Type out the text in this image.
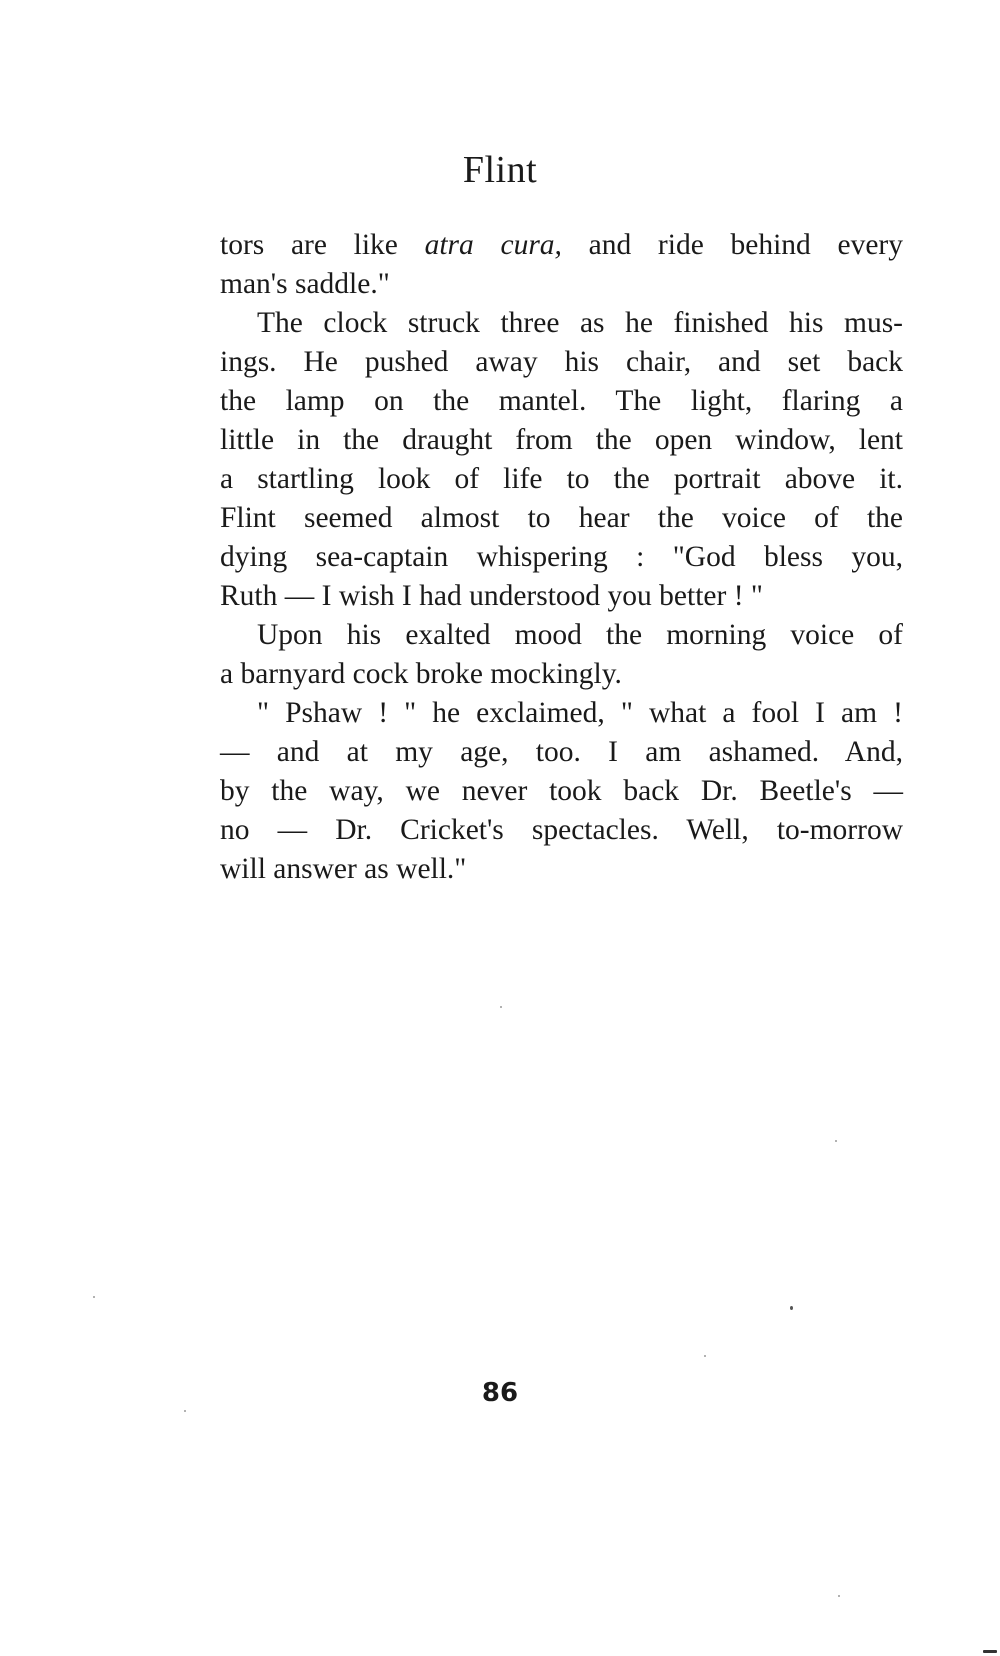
Flint

tors are like atra cura, and ride behind every
man's saddle."

The clock struck three as he finished his mus-
ings. He pushed away his chair, and set back
the lamp on the mantel. The light, flaring a
little in the draught from the open window, lent
a startling look of life to the portrait above it.
Flint seemed almost to hear the voice of the
dying sea-captain whispering : "God bless you,
Ruth — I wish I had understood you better ! "

Upon his exalted mood the morning voice of
a barnyard cock broke mockingly.

" Pshaw ! " he exclaimed, " what a fool I am !
— and at my age, too. I am ashamed. And,
by the way, we never took back Dr. Beetle's —
no — Dr. Cricket's spectacles. Well, to-morrow
will answer as well."

86
